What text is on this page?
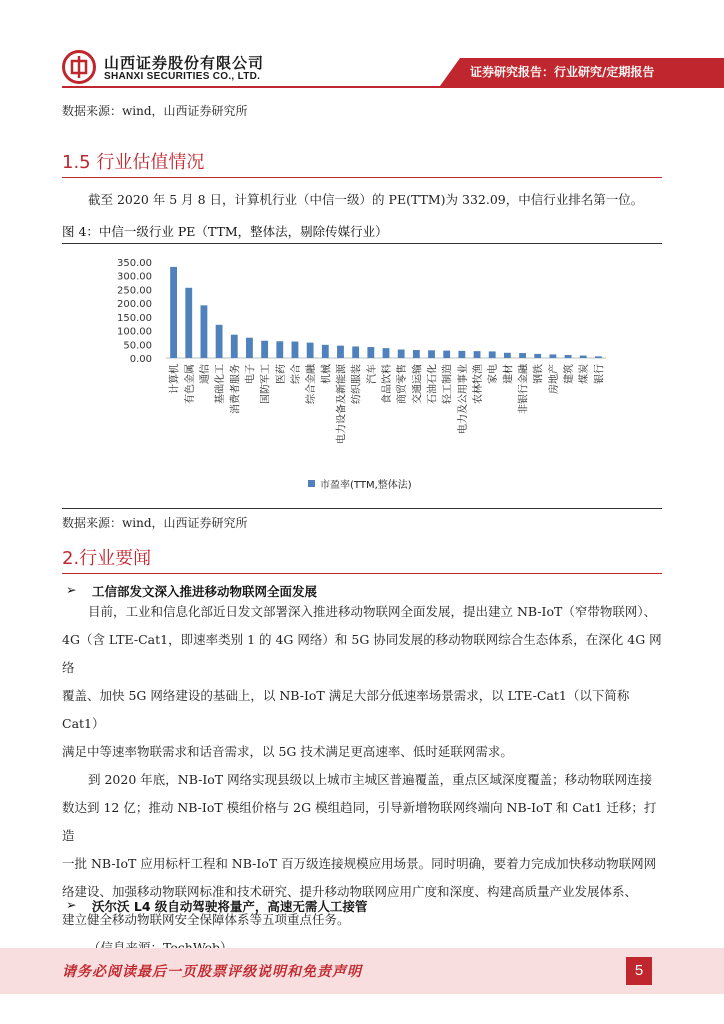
山西证券股份有限公司
SHANXI SECURITIES CO., LTD.	证券研究报告：行业研究/定期报告
数据来源：wind，山西证券研究所
1.5 行业估值情况
截至 2020 年 5 月 8 日，计算机行业（中信一级）的 PE(TTM)为 332.09，中信行业排名第一位。
图 4：中信一级行业 PE（TTM，整体法，剔除传媒行业）
350.00
300.00
250.00
200.00
150.00
100.00
50.00
0.00
计算机 有色金属 通信 基础化工 消费者服务 电子 国防军工 医药 综合 综合金融 机械 电力设备及新能源 纺织服装 汽车 食品饮料 商贸零售 交通运输 石油石化 轻工制造 电力及公用事业 农林牧渔 家电 建材 非银行金融 钢铁 房地产 建筑 煤炭 银行
市盈率(TTM,整体法)
数据来源：wind，山西证券研究所
2.行业要闻
➢ 工信部发文深入推进移动物联网全面发展
目前，工业和信息化部近日发文部署深入推进移动物联网全面发展，提出建立 NB-IoT（窄带物联网）、
4G（含 LTE-Cat1，即速率类别 1 的 4G 网络）和 5G 协同发展的移动物联网综合生态体系，在深化 4G 网络
覆盖、加快 5G 网络建设的基础上，以 NB-IoT 满足大部分低速率场景需求，以 LTE-Cat1（以下简称 Cat1）
满足中等速率物联需求和话音需求，以 5G 技术满足更高速率、低时延联网需求。
到 2020 年底，NB-IoT 网络实现县级以上城市主城区普遍覆盖，重点区域深度覆盖；移动物联网连接
数达到 12 亿；推动 NB-IoT 模组价格与 2G 模组趋同，引导新增物联网终端向 NB-IoT 和 Cat1 迁移；打造
一批 NB-IoT 应用标杆工程和 NB-IoT 百万级连接规模应用场景。同时明确，要着力完成加快移动物联网网
络建设、加强移动物联网标准和技术研究、提升移动物联网应用广度和深度、构建高质量产业发展体系、
建立健全移动物联网安全保障体系等五项重点任务。
➢ 沃尔沃 L4 级自动驾驶将量产，高速无需人工接管
请务必阅读最后一页股票评级说明和免责声明	5
